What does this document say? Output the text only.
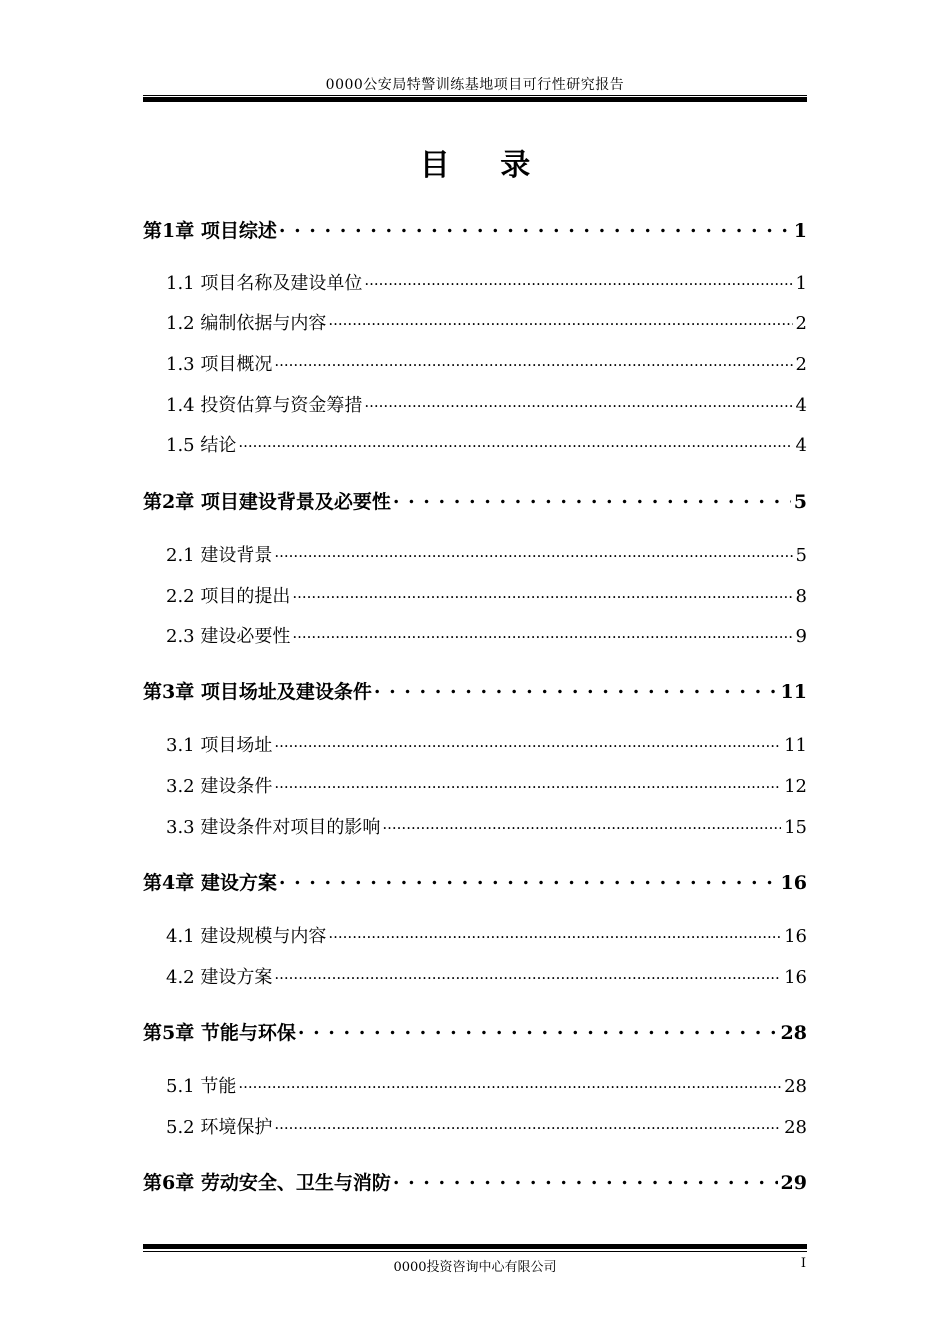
0000公安局特警训练基地项目可行性研究报告
目 录
第1章 项目综述 . . .	1
1.1 项目名称及建设单位 .....	1
1.2 编制依据与内容 .....	2
1.3 项目概况 .....	2
1.4 投资估算与资金筹措 .....	4
1.5 结论 .....	4
第2章 项目建设背景及必要性 . . .	5
2.1 建设背景 .....	5
2.2 项目的提出 .....	8
2.3 建设必要性 .....	9
第3章 项目场址及建设条件 . . .	11
3.1 项目场址 .....	11
3.2 建设条件 .....	12
3.3 建设条件对项目的影响 .....	15
第4章 建设方案 . . .	16
4.1 建设规模与内容 .....	16
4.2 建设方案 .....	16
第5章 节能与环保 . . .	28
5.1 节能 .....	28
5.2 环境保护 .....	28
第6章 劳动安全、卫生与消防 . . .	29
0000投资咨询中心有限公司	I
